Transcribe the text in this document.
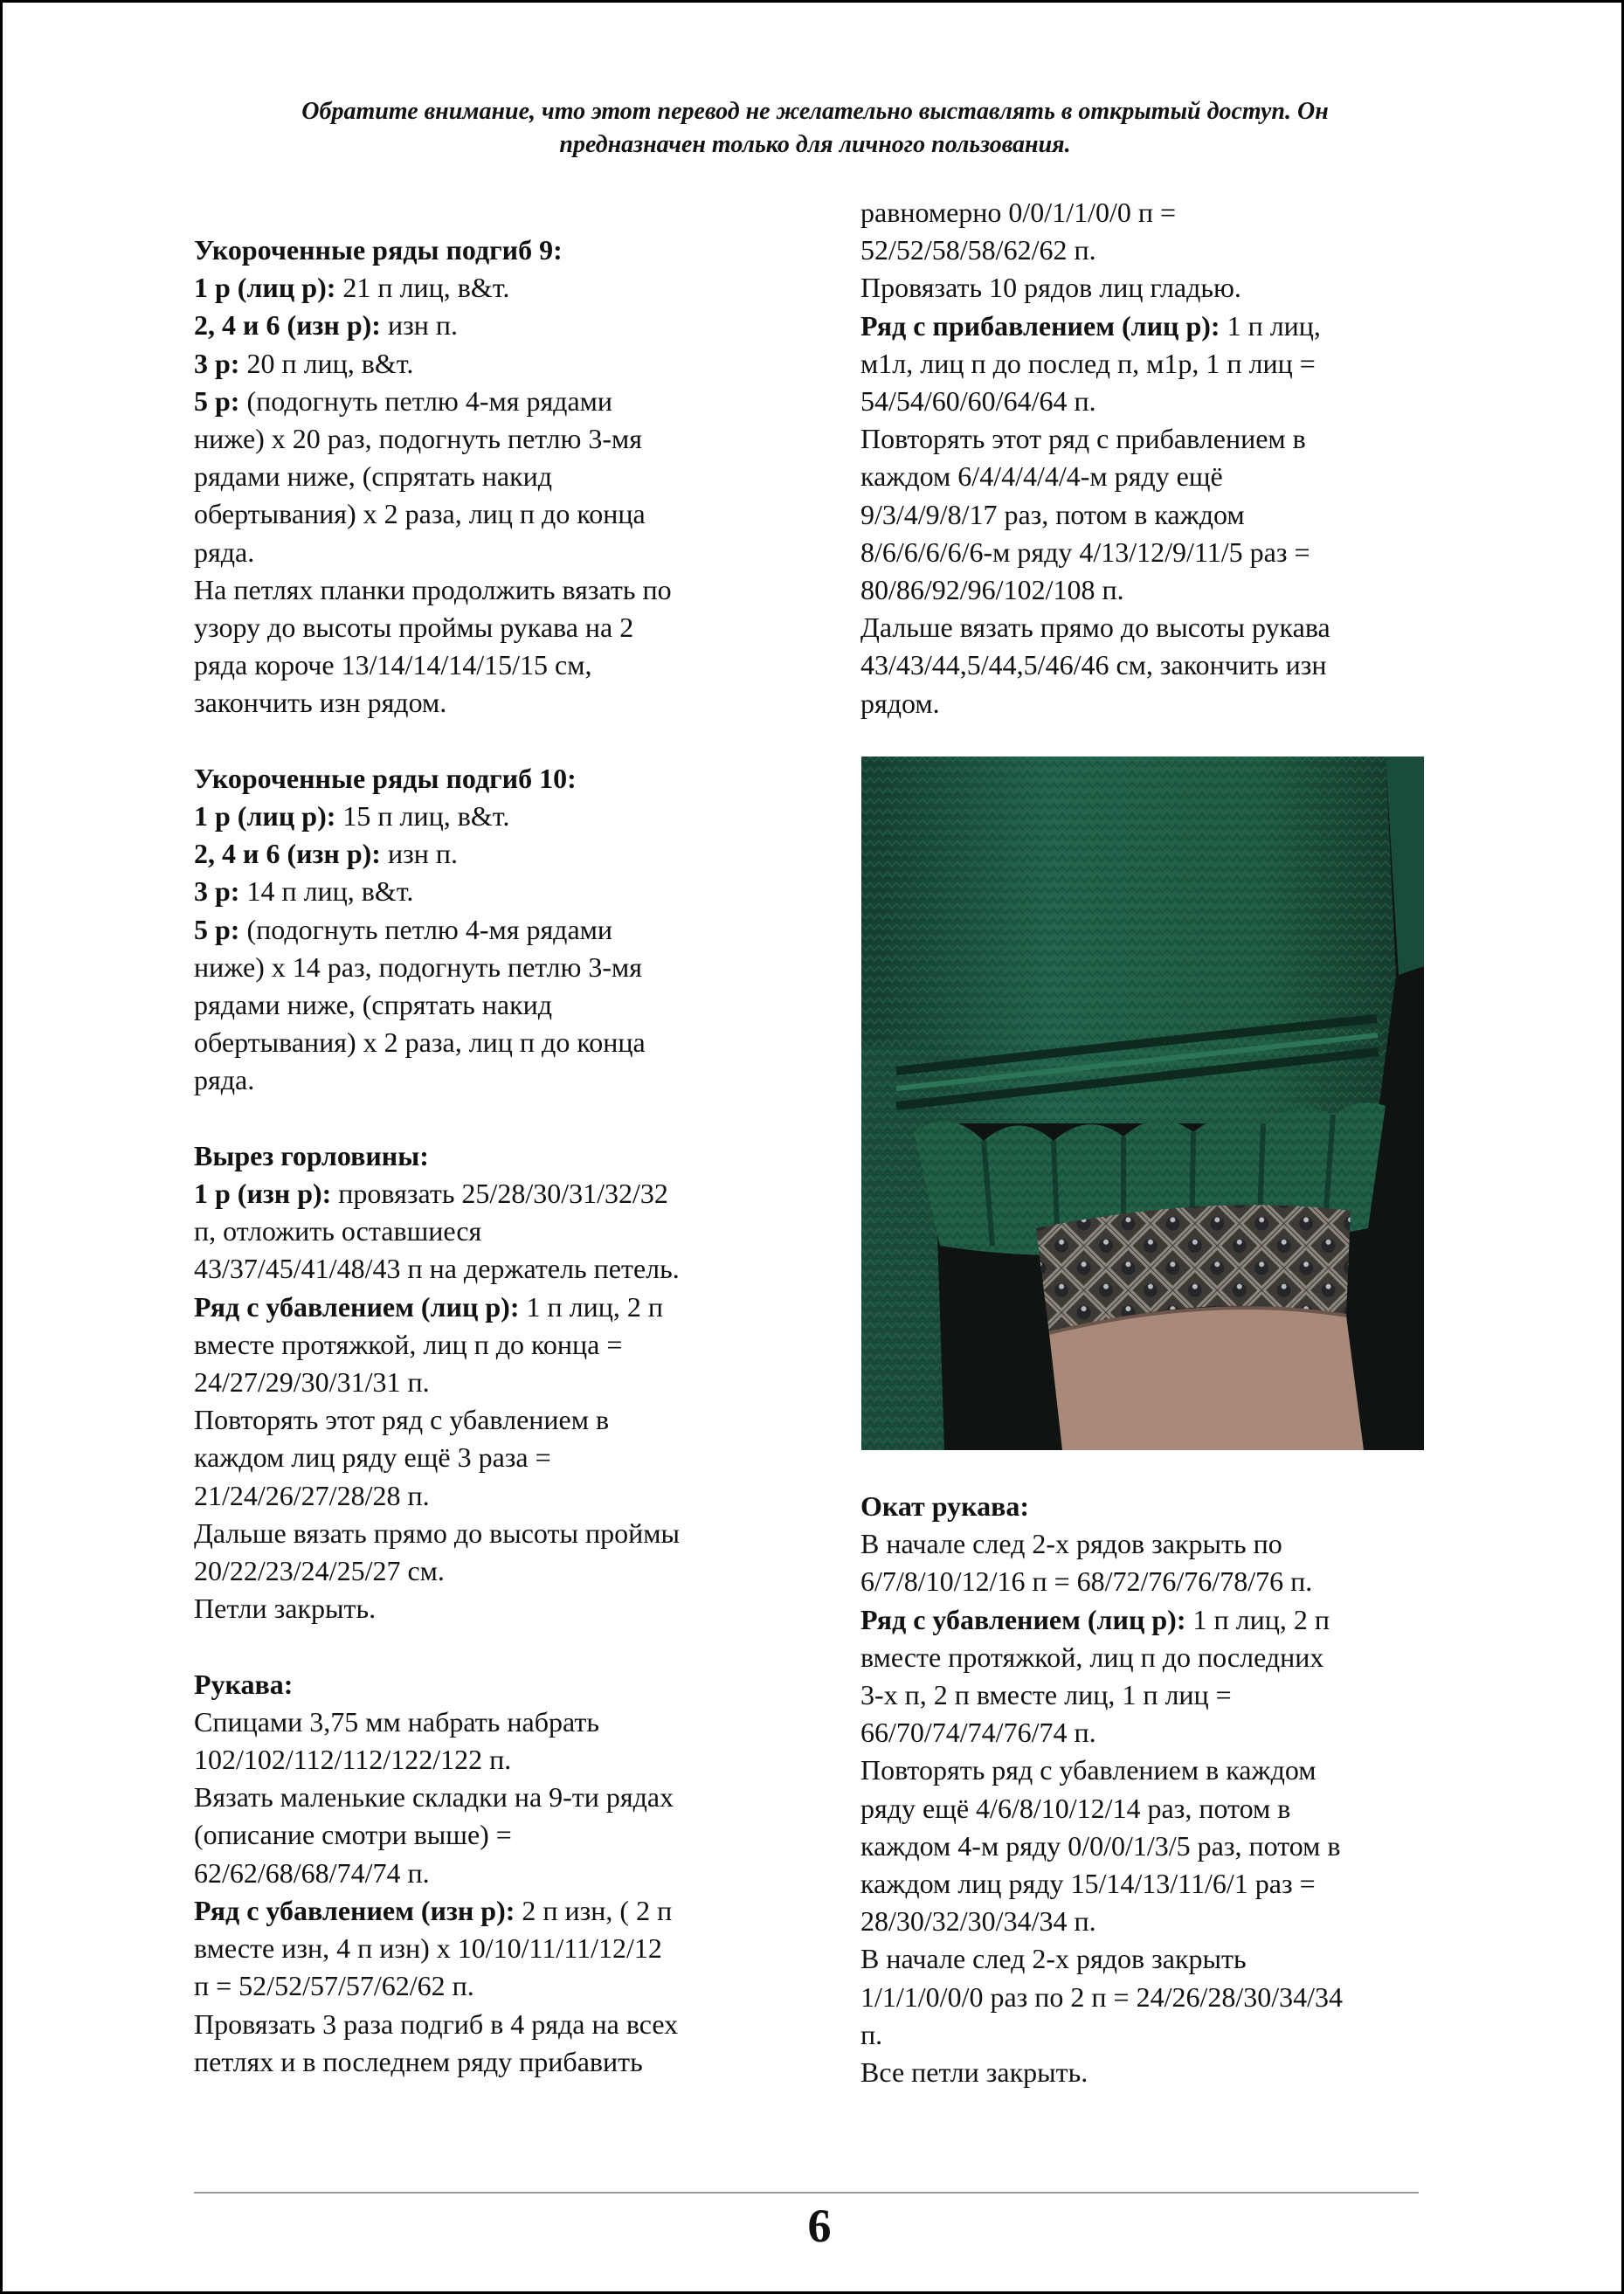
Обратите внимание, что этот перевод не желательно выставлять в открытый доступ. Он
предназначен только для личного пользования.

Укороченные ряды подгиб 9:

1 р (лиц р): 21 п лиц, в&т.

2, 4 и 6 (изн р): изн п.

3 р: 20 п лиц, в&т.

5 р: (подогнуть петлю 4-мя рядами

ниже) х 20 раз, подогнуть петлю 3-мя

рядами ниже, (спрятать накид

обертывания) х 2 раза, лиц п до конца

ряда.

На петлях планки продолжить вязать по

узору до высоты проймы рукава на 2

ряда короче 13/14/14/14/15/15 см,

закончить изн рядом.

Укороченные ряды подгиб 10:

1 р (лиц р): 15 п лиц, в&т.

2, 4 и 6 (изн р): изн п.

3 р: 14 п лиц, в&т.

5 р: (подогнуть петлю 4-мя рядами

ниже) х 14 раз, подогнуть петлю 3-мя

рядами ниже, (спрятать накид

обертывания) х 2 раза, лиц п до конца

ряда.

Вырез горловины:

1 р (изн р): провязать 25/28/30/31/32/32

п, отложить оставшиеся

43/37/45/41/48/43 п на держатель петель.

Ряд с убавлением (лиц р): 1 п лиц, 2 п

вместе протяжкой, лиц п до конца =

24/27/29/30/31/31 п.

Повторять этот ряд с убавлением в

каждом лиц ряду ещё 3 раза =

21/24/26/27/28/28 п.

Дальше вязать прямо до высоты проймы

20/22/23/24/25/27 см.

Петли закрыть.

Рукава:

Спицами 3,75 мм набрать набрать

102/102/112/112/122/122 п.

Вязать маленькие складки на 9-ти рядах

(описание смотри выше) =

62/62/68/68/74/74 п.

Ряд с убавлением (изн р): 2 п изн, ( 2 п

вместе изн, 4 п изн) х 10/10/11/11/12/12

п = 52/52/57/57/62/62 п.

Провязать 3 раза подгиб в 4 ряда на всех

петлях и в последнем ряду прибавить

равномерно 0/0/1/1/0/0 п =

52/52/58/58/62/62 п.

Провязать 10 рядов лиц гладью.

Ряд с прибавлением (лиц р): 1 п лиц,

м1л, лиц п до послед п, м1р, 1 п лиц =

54/54/60/60/64/64 п.

Повторять этот ряд с прибавлением в

каждом 6/4/4/4/4/4-м ряду ещё

9/3/4/9/8/17 раз, потом в каждом

8/6/6/6/6/6-м ряду 4/13/12/9/11/5 раз =

80/86/92/96/102/108 п.

Дальше вязать прямо до высоты рукава

43/43/44,5/44,5/46/46 см, закончить изн

рядом.

Окат рукава:

В начале след 2-х рядов закрыть по

6/7/8/10/12/16 п = 68/72/76/76/78/76 п.

Ряд с убавлением (лиц р): 1 п лиц, 2 п

вместе протяжкой, лиц п до последних

3-х п, 2 п вместе лиц, 1 п лиц =

66/70/74/74/76/74 п.

Повторять ряд с убавлением в каждом

ряду ещё 4/6/8/10/12/14 раз, потом в

каждом 4-м ряду 0/0/0/1/3/5 раз, потом в

каждом лиц ряду 15/14/13/11/6/1 раз =

28/30/32/30/34/34 п.

В начале след 2-х рядов закрыть

1/1/1/0/0/0 раз по 2 п = 24/26/28/30/34/34

п.

Все петли закрыть.

6
